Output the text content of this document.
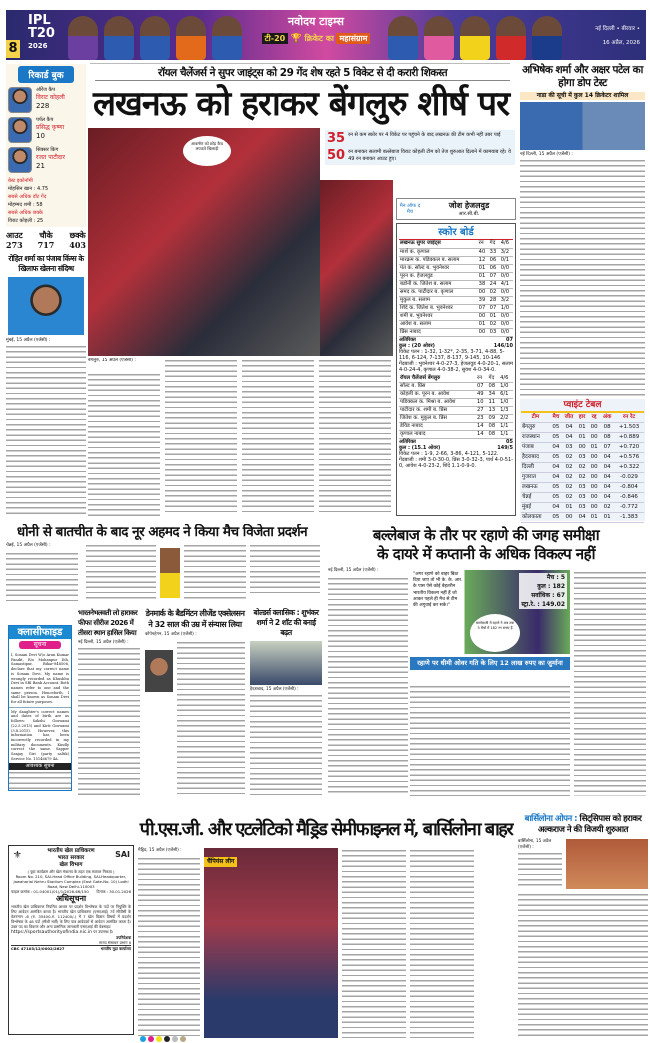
IPL
T20
2026
नवोदय टाइम्स
टी-20 🏆 क्रिकेट का महासंग्राम
नई दिल्ली • बीरवार •
16 अप्रैल, 2026
8
रिकार्ड बुक
ऑरेंज कैप
विराट कोहली
228
पर्पल कैप
प्रसिद्ध कृष्णा
10
सिक्सर किंग
रजत पाटीदार
21
बेस्ट इकोनॉमी
मोहसिन खान : 4.75
सबसे अधिक डॉट गेंद
मोहम्मद शमी : 58
सबसे अधिक छक्के
विराट कोहली : 25
आउट
273
चौके
717
छक्के
403
रोहित शर्मा का पंजाब किंग्स के खिलाफ खेलना संदिग्ध
मुंबई, 15 अप्रैल (एजेंसी) :
रॉयल चैलेंजर्स ने सुपर जाइंट्स को 29 गेंद शेष रहते 5 विकेट से दी करारी शिकस्त
लखनऊ को हराकर बेंगलुरु शीर्ष पर
आकर्षण को छोड़ कैच लपकते खिलाड़ी
35 रन से कम स्कोर पर 4 विकेट पर पहुंचने के बाद लखनऊ की टीम कभी नहीं उबर पाई
50 रन बनाकर सलामी बल्लेबाज विराट कोहली टीम को तेज शुरुआत दिलाने में कामयाब रहे। वे 49 रन बनाकर आउट हुए।
मैन ऑफ द मैच
जोश हेजलवुड
आर.सी.बी.
बेंगलुरु, 15 अप्रैल (एजेंसी) :
स्कोर बोर्ड
लखनऊ सुपर जाइंट्स	रन	गेंद	4/6
मार्श क. कृणाल	40	33	3/2
मारक्रम क. पडिक्कल ब. सलाम	12	06	0/1
पंत क. सॉल्ट ब. भुवनेश्वर	01	06	0/0
पूरन क. हेजलवुड	01	07	0/0
बडोनी क. जितेश ब. सलाम	38	24	4/1
समद क. पाटीदार ब. कृणाल	00	02	0/0
मुकुल ब. सलाम	39	28	3/2
शिंदे क. जितेश ब. भुवनेश्वर	07	07	1/0
शमी ब. भुवनेश्वर	00	01	0/0
आवेश ब. सलाम	01	02	0/0
प्रिंस नाबाद	00	03	0/0
अतिरिक्त	07
कुल : (20 ओवर)	146/10
विकेट पतन : 1-32, 1-32*, 2-35, 3-71, 4-88, 5-116, 6-124, 7-137, 8-137, 9-145, 10-146
गेंदबाजी : भुवनेश्वर 4-0-27-3, हेजलवुड 4-0-20-1, सलाम 4-0-24-4, कृणाल 4-0-38-2, सुयश 4-0-34-0.
रॉयल चैलेंजर्स बेंगलुरु	रन	गेंद	4/6
सॉल्ट ब. प्रिंस	07	08	1/0
कोहली क. पूरन ब. आवेश	49	34	6/1
पडिक्कल क. मिश्रा ब. आवेश	10	11	1/0
पाटीदार क. शमी ब. प्रिंस	27	13	1/3
जितेश क. मुकुल ब. प्रिंस	23	09	2/2
डेविड नाबाद	14	08	1/1
कृणाल नाबाद	14	08	1/1
अतिरिक्त	05
कुल : (15.1 ओवर)	149/5
विकेट पतन : 1-9, 2-66, 3-86, 4-121, 5-122.
गेंदबाजी : शमी 3-0-30-0, प्रिंस 3-0-32-3, पार्थ 4-0-51-0, आवेश 4-0-23-2, शिंदे 1.1-0-9-0.
अभिषेक शर्मा और अक्षर पटेल का होगा डोप टेस्ट
नाडा की सूची में कुल 14 क्रिकेटर शामिल
नई दिल्ली, 15 अप्रैल (एजेंसी) :
प्वाइंट टेबल
टीम	मैच	जीत	हार	रद्द	अंक	रन रेट
बेंगलुरु	05	04	01	00	08	+1.503
राजस्थान	05	04	01	00	08	+0.889
पंजाब	04	03	00	01	07	+0.720
हैदराबाद	05	02	03	00	04	+0.576
दिल्ली	04	02	02	00	04	+0.322
गुजरात	04	02	02	00	04	-0.029
लखनऊ	05	02	03	00	04	-0.804
चेन्नई	05	02	03	00	04	-0.846
मुंबई	04	01	03	00	02	-0.772
कोलकाता	05	00	04	01	01	-1.383
धोनी से बातचीत के बाद नूर अहमद ने किया मैच विजेता प्रदर्शन
चेन्नई, 15 अप्रैल (एजेंसी) :
क्लासीफाइड
सूचना
I, Sonam Devi W/o Arun Kumar Pandit, R/o Mohanpur Dih, Samastipur, Bihar-848506, declare that my correct name is Sonam Devi. My name is wrongly recorded as Khushbu Devi in SBI Bank Account. Both names refer to one and the same person. Henceforth, I shall be known as Sonam Devi for all future purposes.
My daughter's correct names and dates of birth are as follows: Sakshi Goswami (22.5.2013) and Kirti Goswami (3.8.2015). However, this information has been incorrectly recorded in my military documents. Kindly correct the same. Sapper Sanjay Giri (party saltik) Service No. 15146679 4A.
आवश्यक सूचना
भारतनेभलवती लो हाराकर फीफा सीरीज 2026 में तीसरा स्थान हासिल किया
नई दिल्ली, 15 अप्रैल (एजेंसी) :
डेनमार्क के बैडमिंटन लीजेंड एक्सेलसन ने 32 साल की उम्र में संन्यास लिया
कोपेनहेगन, 15 अप्रैल (एजेंसी) :
बोल्डर्स क्लासिक : शुभंकर शर्मा ने 2 शॉट की बनाई बढ़त
हैदराबाद, 15 अप्रैल (एजेंसी) :
बल्लेबाज के तौर पर रहाणे की जगह समीक्षा
के दायरे में कप्तानी के अधिक विकल्प नहीं
नई दिल्ली, 15 अप्रैल (एजेंसी) :
"अगर रहाणे को बाहर बिठा दिया जाए तो भी के. के. आर. के पास ऐसे कोई बेहतरीन भारतीय विकल्प नहीं हैं जो आकर पहले ही मैच से टीम की अगुवाई कर सके।"
मैच : 5
कुल : 182
सर्वाधिक : 67
स्ट्रा.रे. : 149.02
बल्लेबाजी में रहाणे ने अब तक 5 मैचों में 182 रन बनाए हैं
रहाणे पर धीमी ओवर गति के लिए 12 लाख रुपए का जुर्माना
पी.एस.जी. और एटलेटिको मैड्रिड सेमीफाइनल में, बार्सिलोना बाहर
मैड्रिड, 15 अप्रैल (एजेंसी) :
चैंपियंस लीग
बार्सिलोना ओपन : सिट्सिपास को हराकर
अल्कराज ने की विजयी शुरुआत
बार्सिलोना, 15 अप्रैल (एजेंसी) :
⚜	भारतीय खेल प्राधिकरण
भारत सरकार
खेल विभाग
SAI
( युवा कार्यक्रम और खेल मंत्रालय के तहत एक स्वायत्त निकाय )
Room No. 210, SAI-Head Office Building, SAI-Headquarter, Jawaharlal Nehru Stadium Complex (East Gate-No. 10) Lodhi Road, New Delhi-110003
फाइल क्रमांक : 01-04001(01)/1/2026-66/150 दिनांक : 30.01.2026
अधिसूचना
भारतीय खेल प्राधिकरण नियमित आधार पर प्रदर्शन विश्लेषक के पदों पर नियुक्ति के लिए आवेदन आमंत्रित करता है। भारतीय खेल प्राधिकरण (एसएआई) 7वें सीपीसी के वेतनमान -6 (रु. 35400-रु. 112400/-) में 7 खेल विज्ञान विषयों में प्रदर्शन विश्लेषक के 48 पदों (सीधी भर्ती) के लिए पात्र आवेदकों से आवेदन आमंत्रित करता है। उक्त पद का विवरण और अन्य प्रासंगिक जानकारी एसएआई की वेबसाइट
https://sportsauthorityofindia.nic.in पर उपलब्ध है।
उपनिदेशक
मानव संसाधन प्रभाग II
CBC 47103/12/0002/2627	भारतीय मुद्रा कार्यालय
